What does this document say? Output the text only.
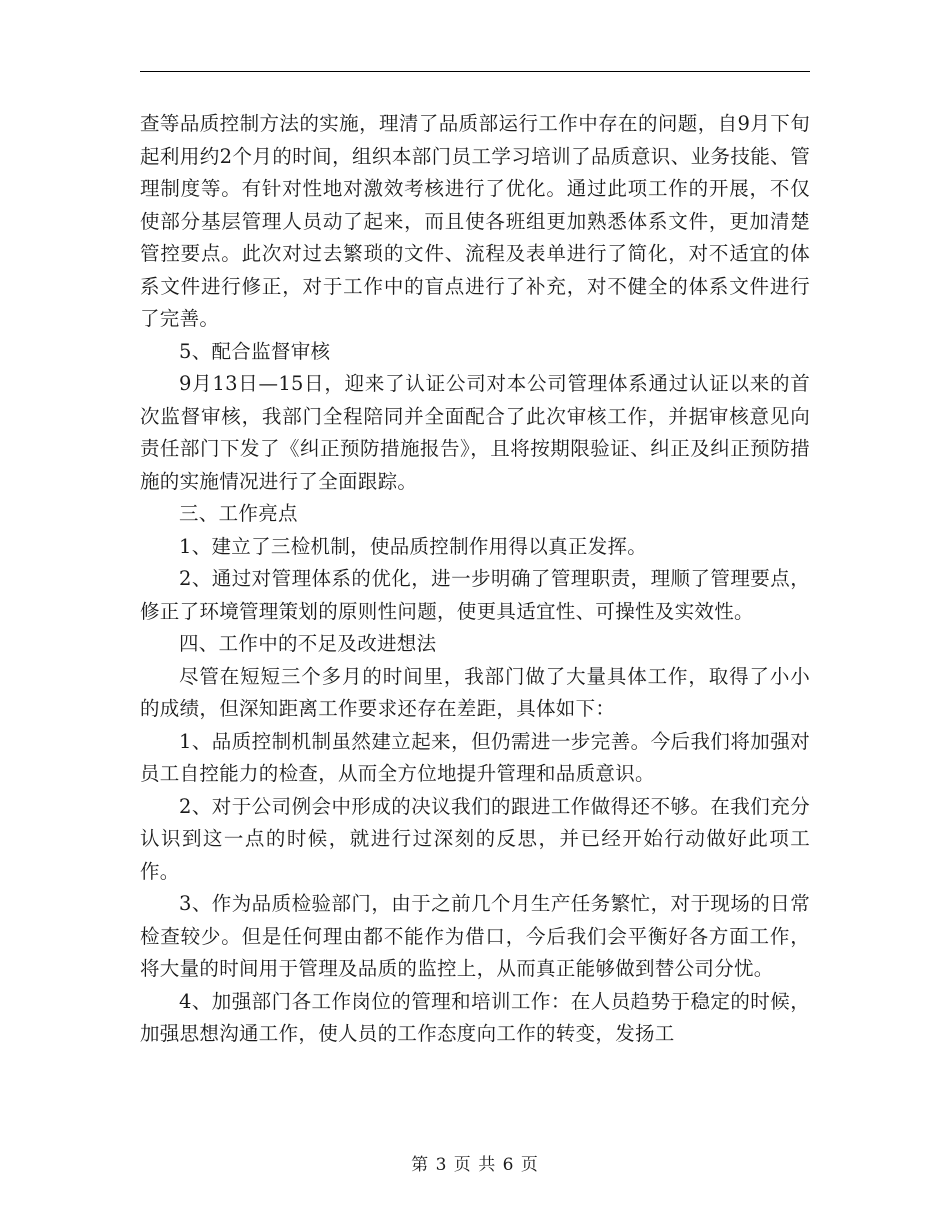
查等品质控制方法的实施，理清了品质部运行工作中存在的问题，自9月下旬起利用约2个月的时间，组织本部门员工学习培训了品质意识、业务技能、管理制度等。有针对性地对激效考核进行了优化。通过此项工作的开展，不仅使部分基层管理人员动了起来，而且使各班组更加熟悉体系文件，更加清楚管控要点。此次对过去繁琐的文件、流程及表单进行了简化，对不适宜的体系文件进行修正，对于工作中的盲点进行了补充，对不健全的体系文件进行了完善。

5、配合监督审核

9月13日—15日，迎来了认证公司对本公司管理体系通过认证以来的首次监督审核，我部门全程陪同并全面配合了此次审核工作，并据审核意见向责任部门下发了《纠正预防措施报告》，且将按期限验证、纠正及纠正预防措施的实施情况进行了全面跟踪。

三、工作亮点

1、建立了三检机制，使品质控制作用得以真正发挥。

2、通过对管理体系的优化，进一步明确了管理职责，理顺了管理要点，修正了环境管理策划的原则性问题，使更具适宜性、可操性及实效性。

四、工作中的不足及改进想法

尽管在短短三个多月的时间里，我部门做了大量具体工作，取得了小小的成绩，但深知距离工作要求还存在差距，具体如下：

1、品质控制机制虽然建立起来，但仍需进一步完善。今后我们将加强对员工自控能力的检查，从而全方位地提升管理和品质意识。

2、对于公司例会中形成的决议我们的跟进工作做得还不够。在我们充分认识到这一点的时候，就进行过深刻的反思，并已经开始行动做好此项工作。

3、作为品质检验部门，由于之前几个月生产任务繁忙，对于现场的日常检查较少。但是任何理由都不能作为借口，今后我们会平衡好各方面工作，将大量的时间用于管理及品质的监控上，从而真正能够做到替公司分忧。

4、加强部门各工作岗位的管理和培训工作：在人员趋势于稳定的时候，加强思想沟通工作，使人员的工作态度向工作的转变，发扬工

第 3 页 共 6 页
